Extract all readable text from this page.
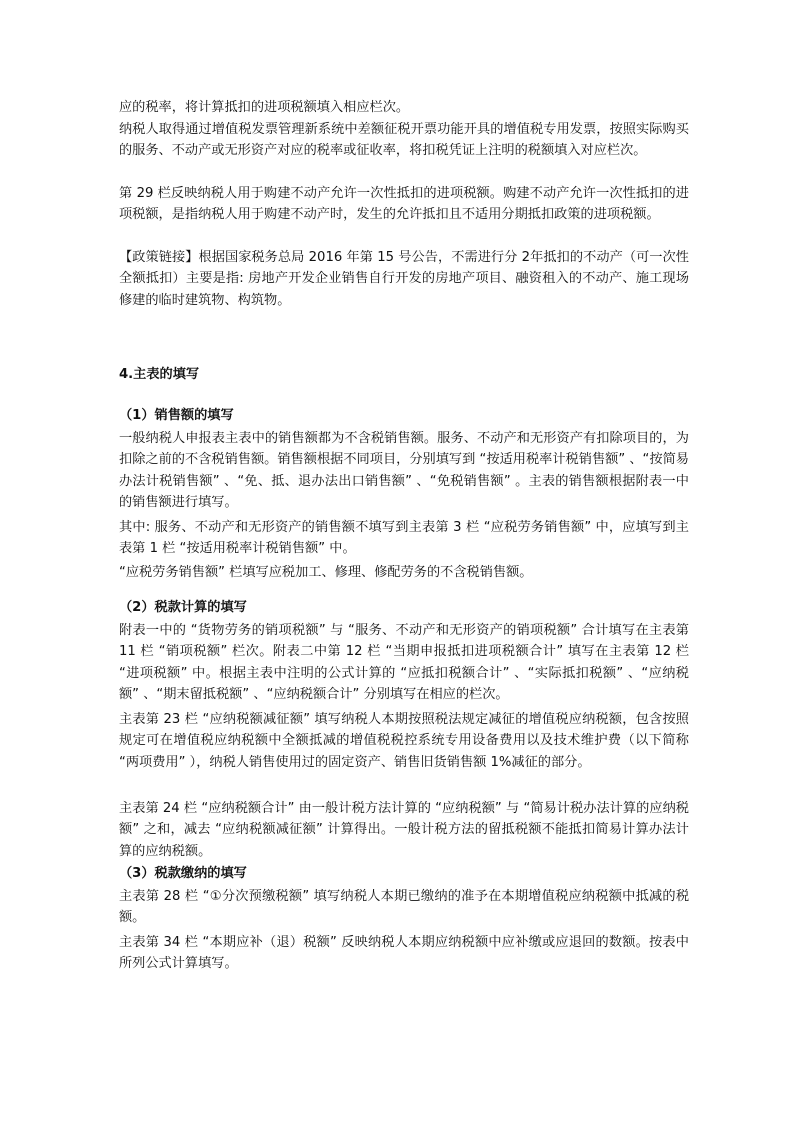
应的税率，将计算抵扣的进项税额填入相应栏次。

纳税人取得通过增值税发票管理新系统中差额征税开票功能开具的增值税专用发票，按照实际购买的服务、不动产或无形资产对应的税率或征收率，将扣税凭证上注明的税额填入对应栏次。

第 29 栏反映纳税人用于购建不动产允许一次性抵扣的进项税额。购建不动产允许一次性抵扣的进项税额，是指纳税人用于购建不动产时，发生的允许抵扣且不适用分期抵扣政策的进项税额。

【政策链接】根据国家税务总局 2016 年第 15 号公告，不需进行分 2年抵扣的不动产（可一次性全额抵扣）主要是指: 房地产开发企业销售自行开发的房地产项目、融资租入的不动产、施工现场修建的临时建筑物、构筑物。

4.主表的填写

（1）销售额的填写

一般纳税人申报表主表中的销售额都为不含税销售额。服务、不动产和无形资产有扣除项目的，为扣除之前的不含税销售额。销售额根据不同项目，分别填写到 “按适用税率计税销售额” 、“按简易办法计税销售额” 、“免、抵、退办法出口销售额” 、“免税销售额” 。主表的销售额根据附表一中的销售额进行填写。

其中: 服务、不动产和无形资产的销售额不填写到主表第 3 栏 “应税劳务销售额” 中，应填写到主表第 1 栏 “按适用税率计税销售额” 中。

“应税劳务销售额” 栏填写应税加工、修理、修配劳务的不含税销售额。

（2）税款计算的填写

附表一中的 “货物劳务的销项税额” 与 “服务、不动产和无形资产的销项税额” 合计填写在主表第 11 栏 “销项税额” 栏次。附表二中第 12 栏 “当期申报抵扣进项税额合计” 填写在主表第 12 栏 “进项税额” 中。根据主表中注明的公式计算的 “应抵扣税额合计” 、“实际抵扣税额” 、“应纳税额” 、“期末留抵税额” 、“应纳税额合计” 分别填写在相应的栏次。

主表第 23 栏 “应纳税额减征额” 填写纳税人本期按照税法规定减征的增值税应纳税额，包含按照规定可在增值税应纳税额中全额抵减的增值税税控系统专用设备费用以及技术维护费（以下简称 “两项费用” ），纳税人销售使用过的固定资产、销售旧货销售额 1%减征的部分。

主表第 24 栏 “应纳税额合计” 由一般计税方法计算的 “应纳税额” 与 “简易计税办法计算的应纳税额” 之和，减去 “应纳税额减征额” 计算得出。一般计税方法的留抵税额不能抵扣简易计算办法计算的应纳税额。

（3）税款缴纳的填写

主表第 28 栏 “①分次预缴税额” 填写纳税人本期已缴纳的准予在本期增值税应纳税额中抵减的税额。

主表第 34 栏 “本期应补（退）税额” 反映纳税人本期应纳税额中应补缴或应退回的数额。按表中所列公式计算填写。
